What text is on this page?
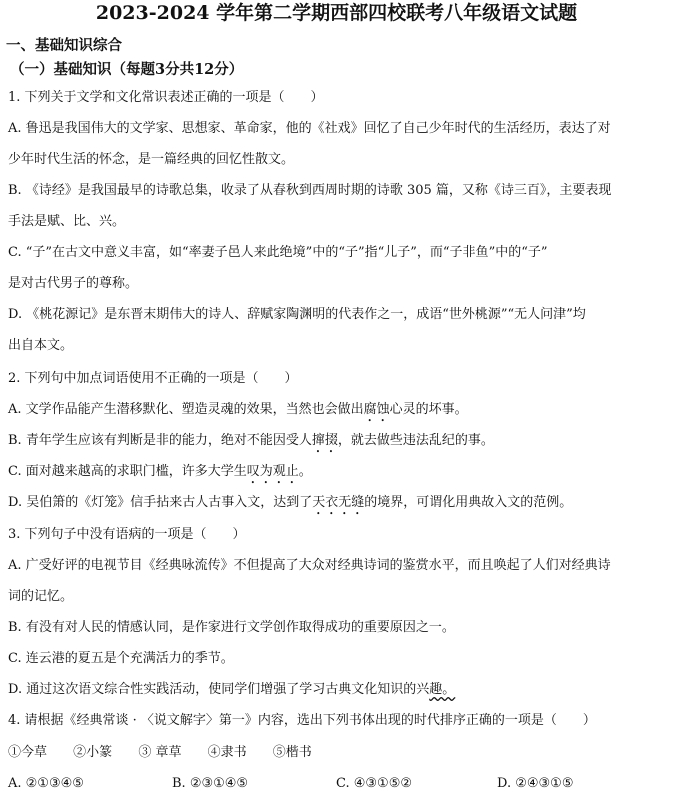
2023-2024 学年第二学期西部四校联考八年级语文试题
一、基础知识综合
（一）基础知识（每题3分共12分）
1. 下列关于文学和文化常识表述正确的一项是（　　）
A. 鲁迅是我国伟大的文学家、思想家、革命家，他的《社戏》回忆了自己少年时代的生活经历，表达了对
少年时代生活的怀念，是一篇经典的回忆性散文。
B. 《诗经》是我国最早的诗歌总集，收录了从春秋到西周时期的诗歌 305 篇，又称《诗三百》，主要表现
手法是赋、比、兴。
C. “子”在古文中意义丰富，如“率妻子邑人来此绝境”中的“子”指“儿子”，而“子非鱼”中的“子”
是对古代男子的尊称。
D. 《桃花源记》是东晋末期伟大的诗人、辞赋家陶渊明的代表作之一，成语“世外桃源”“无人问津”均
出自本文。
2. 下列句中加点词语使用不正确的一项是（　　）
A. 文学作品能产生潜移默化、塑造灵魂的效果，当然也会做出腐蚀心灵的坏事。
B. 青年学生应该有判断是非的能力，绝对不能因受人撺掇，就去做些违法乱纪的事。
C. 面对越来越高的求职门槛，许多大学生叹为观止。
D. 吴伯箫的《灯笼》信手拈来古人古事入文，达到了天衣无缝的境界，可谓化用典故入文的范例。
3. 下列句子中没有语病的一项是（　　）
A. 广受好评的电视节目《经典咏流传》不但提高了大众对经典诗词的鉴赏水平，而且唤起了人们对经典诗
词的记忆。
B. 有没有对人民的情感认同，是作家进行文学创作取得成功的重要原因之一。
C. 连云港的夏五是个充满活力的季节。
D. 通过这次语文综合性实践活动，使同学们增强了学习古典文化知识的兴趣。
4. 请根据《经典常谈 · 〈说文解字〉第一》内容，选出下列书体出现的时代排序正确的一项是（　　）
①今草 ②小篆 ③ 章草 ④隶书 ⑤楷书
A. ②①③④⑤	B. ②③①④⑤	C. ④③①⑤②	D. ②④③①⑤
